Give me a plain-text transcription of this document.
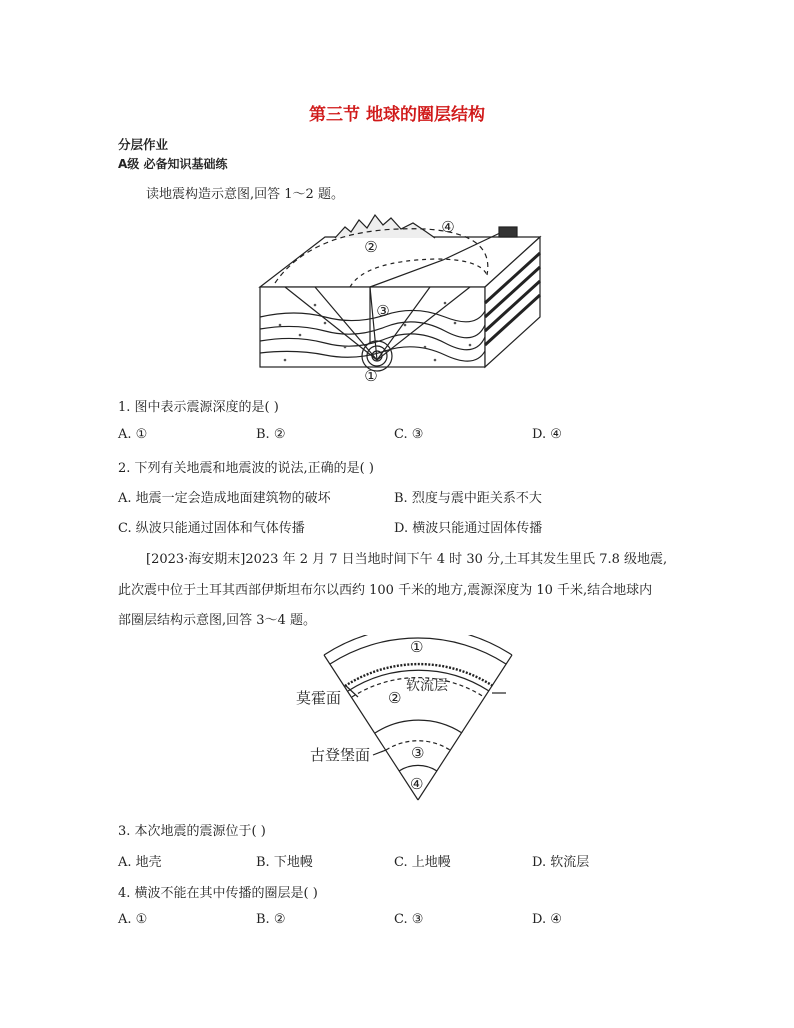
第三节 地球的圈层结构
分层作业
A级 必备知识基础练
读地震构造示意图,回答 1～2 题。
①
②
③
④
1. 图中表示震源深度的是( )
A. ①	B. ②	C. ③	D. ④
2. 下列有关地震和地震波的说法,正确的是( )
A. 地震一定会造成地面建筑物的破坏	B. 烈度与震中距关系不大
C. 纵波只能通过固体和气体传播	D. 横波只能通过固体传播
[2023·海安期末]2023 年 2 月 7 日当地时间下午 4 时 30 分,土耳其发生里氏 7.8 级地震,
此次震中位于土耳其西部伊斯坦布尔以西约 100 千米的地方,震源深度为 10 千米,结合地球内
部圈层结构示意图,回答 3～4 题。
①
②
③
④
莫霍面
古登堡面
软流层
3. 本次地震的震源位于( )
A. 地壳	B. 下地幔	C. 上地幔	D. 软流层
4. 横波不能在其中传播的圈层是( )
A. ①	B. ②	C. ③	D. ④
